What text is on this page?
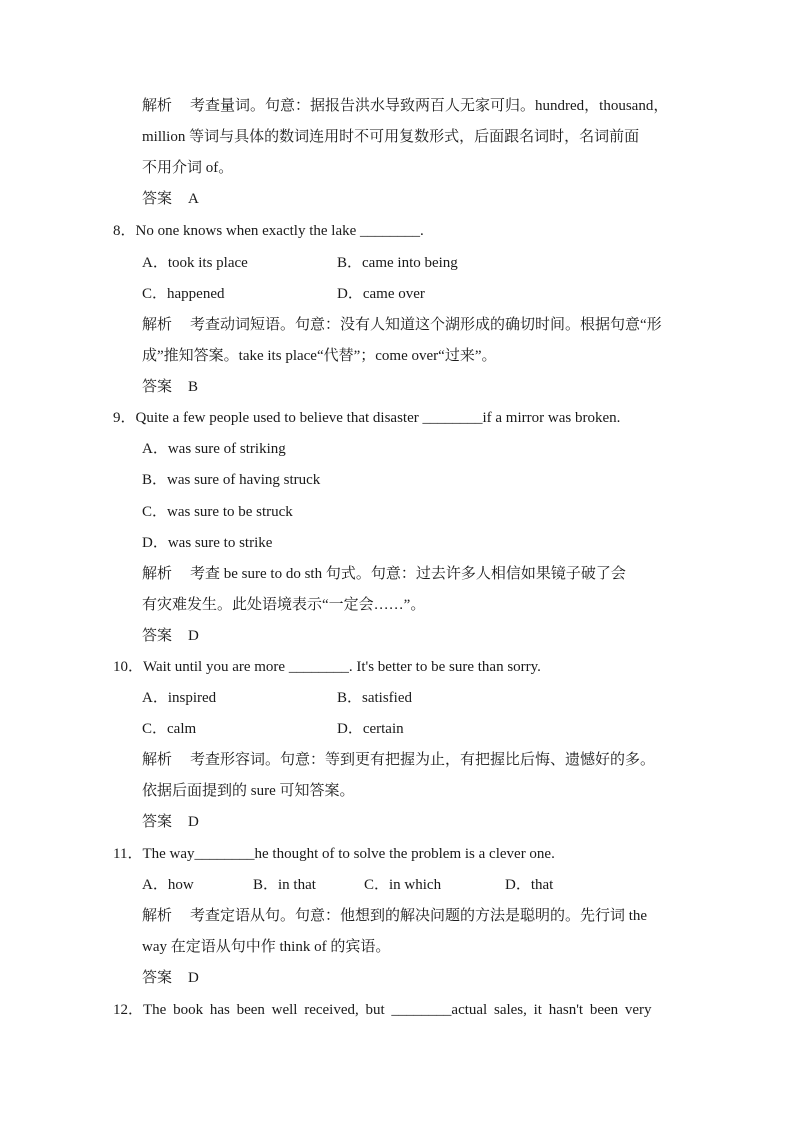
解析 考查量词。句意：据报告洪水导致两百人无家可归。hundred，thousand，
million 等词与具体的数词连用时不可用复数形式，后面跟名词时，名词前面
不用介词 of。
答案 A
8．No one knows when exactly the lake ________.
A．took its place	B．came into being
C．happened	D．came over
解析 考查动词短语。句意：没有人知道这个湖形成的确切时间。根据句意“形
成”推知答案。take its place“代替”；come over“过来”。
答案 B
9．Quite a few people used to believe that disaster ________if a mirror was broken.
A．was sure of striking
B．was sure of having struck
C．was sure to be struck
D．was sure to strike
解析 考查 be sure to do sth 句式。句意：过去许多人相信如果镜子破了会
有灾难发生。此处语境表示“一定会……”。
答案 D
10．Wait until you are more ________. It's better to be sure than sorry.
A．inspired	B．satisfied
C．calm	D．certain
解析 考查形容词。句意：等到更有把握为止，有把握比后悔、遗憾好的多。
依据后面提到的 sure 可知答案。
答案 D
11．The way________he thought of to solve the problem is a clever one.
A．how	B．in that	C．in which	D．that
解析 考查定语从句。句意：他想到的解决问题的方法是聪明的。先行词 the
way 在定语从句中作 think of 的宾语。
答案 D
12．The book has been well received, but ________actual sales, it hasn't been very
